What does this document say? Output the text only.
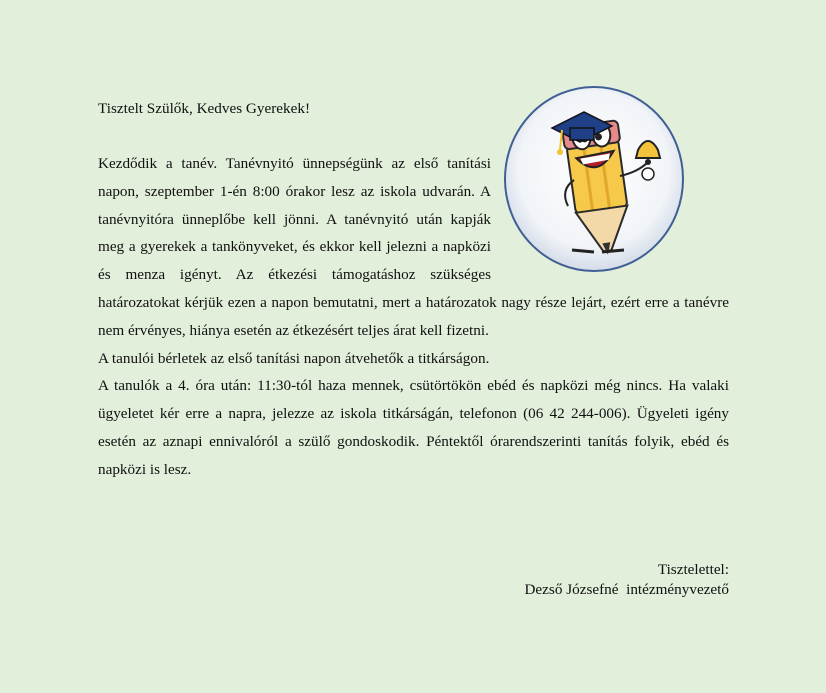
Tisztelt Szülők, Kedves Gyerekek!

Kezdődik a tanév. Tanévnyitó ünnepségünk az első tanítási napon, szeptember 1-én 8:00 órakor lesz az iskola udvarán. A tanévnyitóra ünneplőbe kell jönni. A tanévnyitó után kapják meg a gyerekek a tankönyveket, és ekkor kell jelezni a napközi és menza igényt. Az étkezési támogatáshoz szükséges határozatokat kérjük ezen a napon bemutatni, mert a határozatok nagy része lejárt, ezért erre a tanévre nem érvényes, hiánya esetén az étkezésért teljes árat kell fizetni.

A tanulói bérletek az első tanítási napon átvehetők a titkárságon.

A tanulók a 4. óra után: 11:30-tól haza mennek, csütörtökön ebéd és napközi még nincs. Ha valaki ügyeletet kér erre a napra, jelezze az iskola titkárságán, telefonon (06 42 244-006). Ügyeleti igény esetén az aznapi ennivalóról a szülő gondoskodik. Péntektől órarendszerinti tanítás folyik, ebéd és napközi is lesz.

Tisztelettel:
Dezső Józsefné  intézményvezető
